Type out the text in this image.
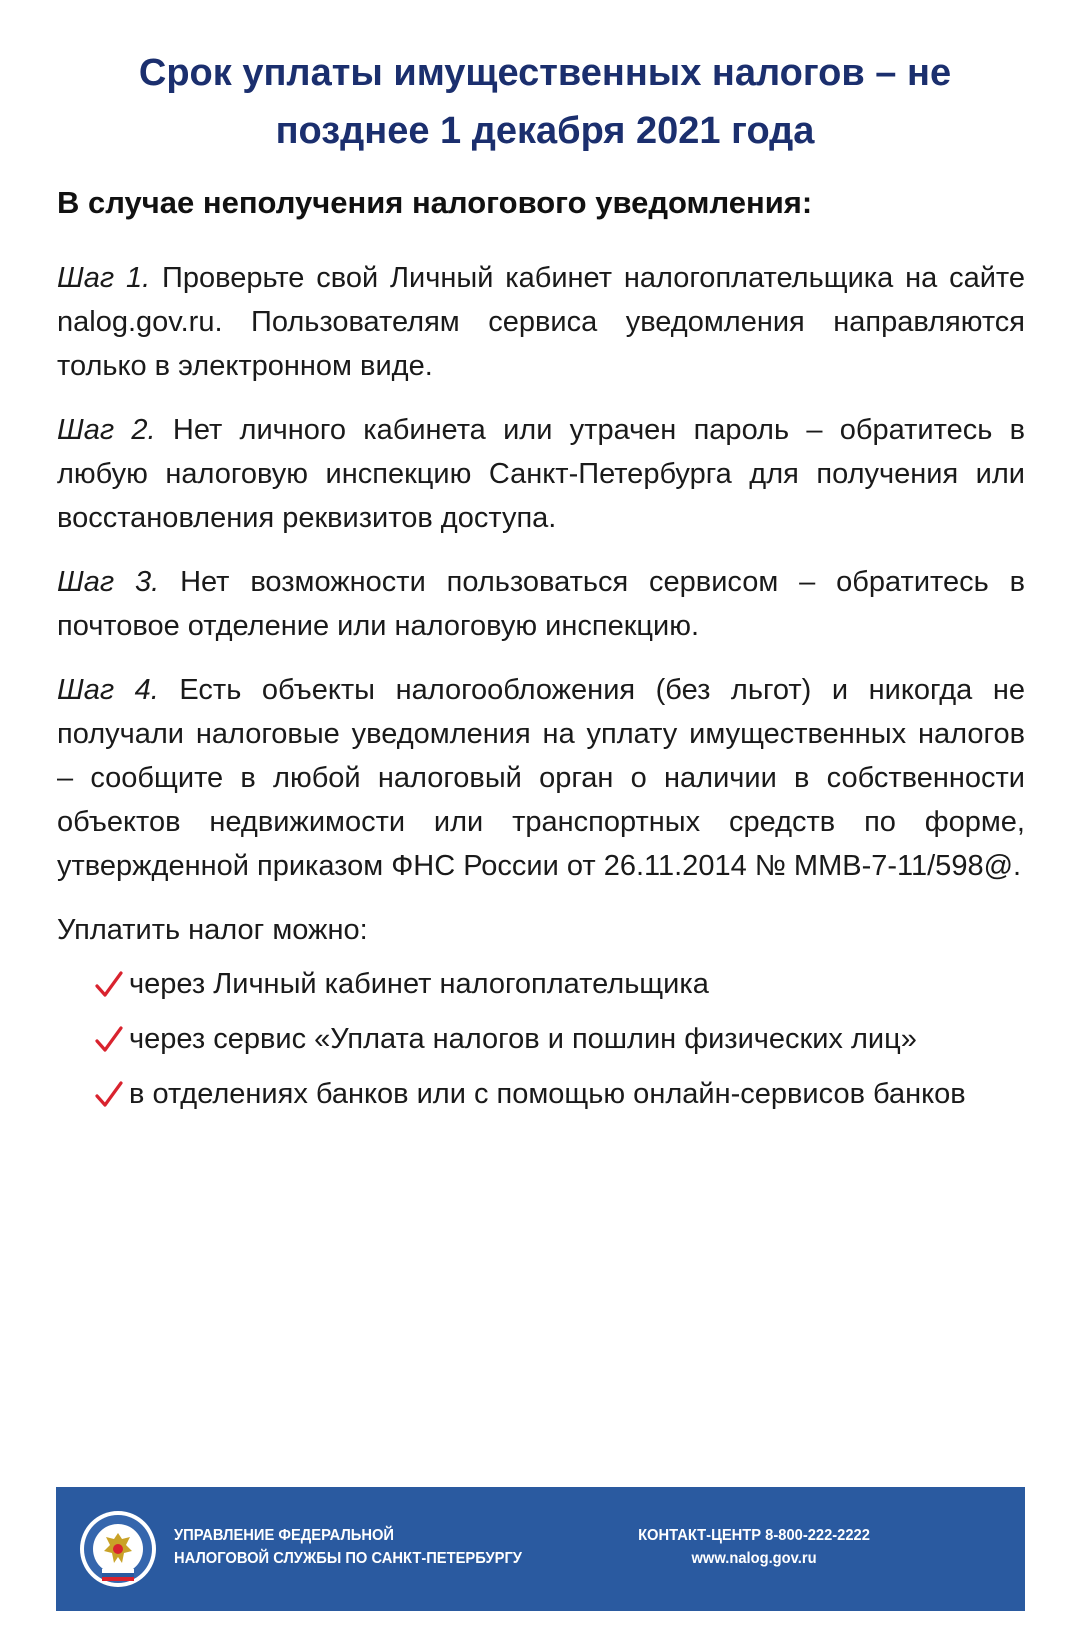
Срок уплаты имущественных налогов – не
позднее 1 декабря 2021 года
В случае неполучения налогового уведомления:

Шаг 1. Проверьте свой Личный кабинет налогоплательщика на сайте nalog.gov.ru. Пользователям сервиса уведомления направляются только в электронном виде.

Шаг 2. Нет личного кабинета или утрачен пароль – обратитесь в любую налоговую инспекцию Санкт-Петербурга для получения или восстановления реквизитов доступа.

Шаг 3. Нет возможности пользоваться сервисом – обратитесь в почтовое отделение или налоговую инспекцию.

Шаг 4. Есть объекты налогообложения (без льгот) и никогда не получали налоговые уведомления на уплату имущественных налогов – сообщите в любой налоговый орган о наличии в собственности объектов недвижимости или транспортных средств по форме, утвержденной приказом ФНС России от 26.11.2014 № ММВ-7-11/598@.

Уплатить налог можно:
через Личный кабинет налогоплательщика
через сервис «Уплата налогов и пошлин физических лиц»
в отделениях банков или с помощью онлайн-сервисов банков
УПРАВЛЕНИЕ ФЕДЕРАЛЬНОЙ
НАЛОГОВОЙ СЛУЖБЫ ПО САНКТ-ПЕТЕРБУРГУ
КОНТАКТ-ЦЕНТР 8-800-222-2222
www.nalog.gov.ru
